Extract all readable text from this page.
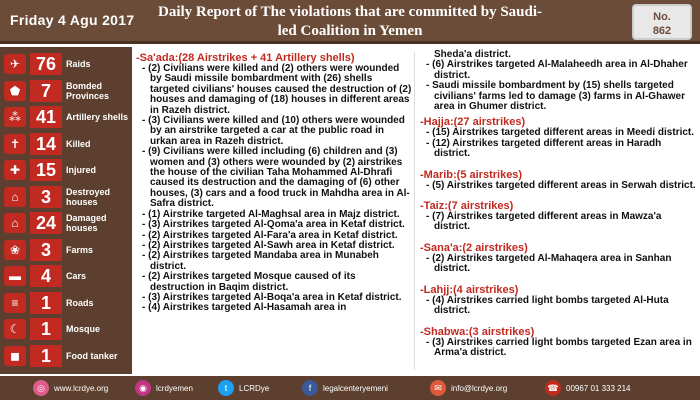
Friday 4 Agu 2017	Daily Report of The violations that are committed by Saudi-led Coalition in Yemen
No.
862
✈ 76	Raids
⬟	7	Bomded Provinces
⁂ 41	Artillery shells
✝ 14	Killed
✚ 15	Injured
⌂	3	Destroyed houses
⌂ 24	Damaged houses
❀	3	Farms
▬	4	Cars
≡	1	Roads
☾	1	Mosque
◼	1	Food tanker
-Sa'ada:(28 Airstrikes + 41 Artillery shells)
- (2) Civilians were killed and (2) others were wounded by Saudi missile bombardment with (26) shells targeted civilians' houses caused the destruction of (2) houses and damaging of (18) houses in different areas in Razeh district.
- (3) Civilians were killed and (10) others were wounded by an airstrike targeted a car at the public road in urkan area in Razeh district.
- (9) Civilians were killed including (6) children and (3) women and (3) others were wounded by (2) airstrikes the house of the civilian Taha Mohammed Al-Dhrafi caused its destruction and the damaging of (6) other houses, (3) cars and a food truck in Mahdha area in Al-Safra district.
- (1) Airstrike targeted Al-Maghsal area in Majz district.
- (3) Airstrikes targeted Al-Qoma'a area in Ketaf district.
- (2) Airstrikes targeted Al-Fara'a area in Ketaf district.
- (2) Airstrikes targeted Al-Sawh area in Ketaf district.
- (2) Airstrikes targeted Mandaba area in Munabeh district.
- (2) Airstrikes targeted Mosque caused of its destruction in Baqim district.
- (3) Airstrikes targeted Al-Boqa'a area in Ketaf district.
- (4) Airstrikes targeted Al-Hasamah area in
Sheda'a district.
- (6) Airstrikes targeted Al-Malaheedh area in Al-Dhaher district.
- Saudi missile bombardment by (15) shells targeted civilians' farms led to damage (3) farms in Al-Ghawer area in Ghumer district.
-Hajja:(27 airstrikes)
- (15) Airstrikes targeted different areas in Meedi district.
- (12) Airstrikes targeted different areas in Haradh district.
-Marib:(5 airstrikes)
- (5) Airstrikes targeted different areas in Serwah district.
-Taiz:(7 airstrikes)
- (7) Airstrikes targeted different areas in Mawza'a district.
-Sana'a:(2 airstrikes)
- (2) Airstrikes targeted Al-Mahaqera area in Sanhan district.
-Lahjj:(4 airstrikes)
- (4) Airstrikes carried light bombs targeted Al-Huta district.
-Shabwa:(3 airstrikes)
- (3) Airstrikes carried light bombs targeted Ezan area in Arma'a district.
◎	www.lcrdye.org	◉	lcrdyemen	t	LCRDye	f	legalcenteryemeni	✉	info@lcrdye.org	☎ 00967 01 333 214
